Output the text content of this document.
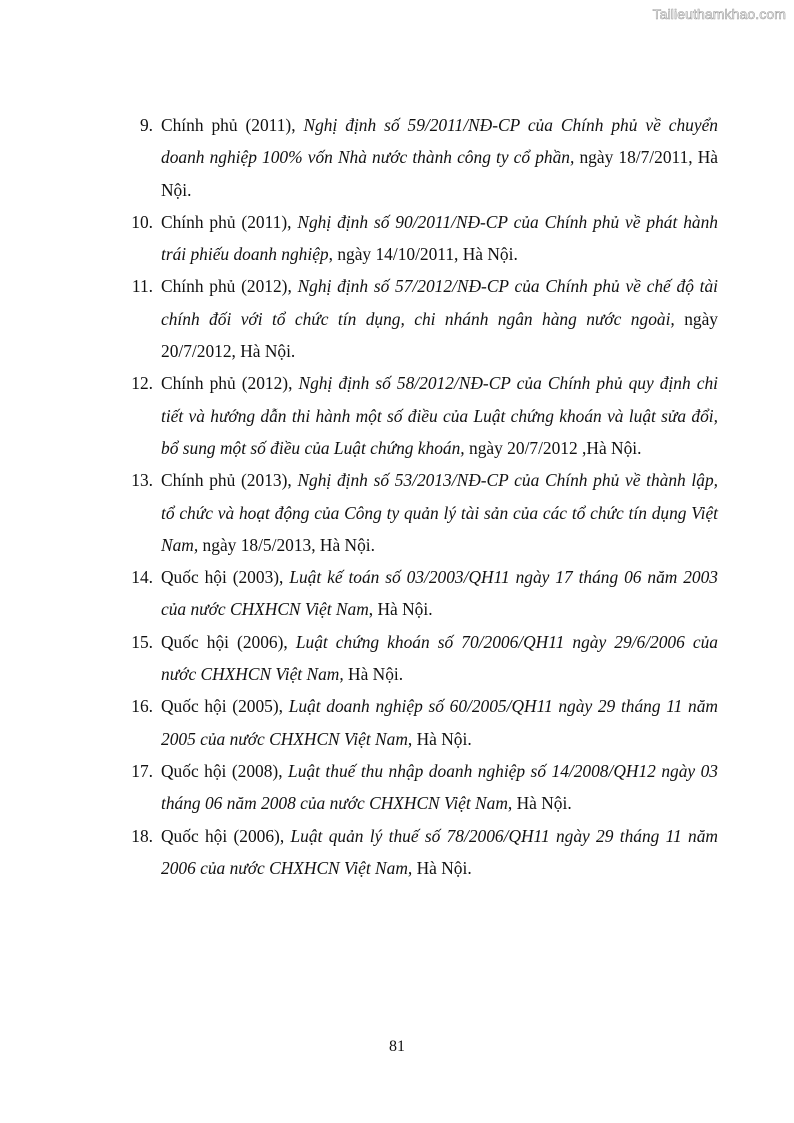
Tailieuthamkhao.com
9. Chính phủ (2011), Nghị định số 59/2011/NĐ-CP của Chính phủ về chuyển doanh nghiệp 100% vốn Nhà nước thành công ty cổ phần, ngày 18/7/2011, Hà Nội.
10. Chính phủ (2011), Nghị định số 90/2011/NĐ-CP của Chính phủ về phát hành trái phiếu doanh nghiệp, ngày 14/10/2011, Hà Nội.
11. Chính phủ (2012), Nghị định số 57/2012/NĐ-CP của Chính phủ về chế độ tài chính đối với tổ chức tín dụng, chi nhánh ngân hàng nước ngoài, ngày 20/7/2012, Hà Nội.
12. Chính phủ (2012), Nghị định số 58/2012/NĐ-CP của Chính phủ quy định chi tiết và hướng dẫn thi hành một số điều của Luật chứng khoán và luật sửa đổi, bổ sung một số điều của Luật chứng khoán, ngày 20/7/2012 ,Hà Nội.
13. Chính phủ (2013), Nghị định số 53/2013/NĐ-CP của Chính phủ về thành lập, tổ chức và hoạt động của Công ty quản lý tài sản của các tổ chức tín dụng Việt Nam, ngày 18/5/2013, Hà Nội.
14. Quốc hội (2003), Luật kế toán số 03/2003/QH11 ngày 17 tháng 06 năm 2003 của nước CHXHCN Việt Nam, Hà Nội.
15. Quốc hội (2006), Luật chứng khoán số 70/2006/QH11 ngày 29/6/2006 của nước CHXHCN Việt Nam, Hà Nội.
16. Quốc hội (2005), Luật doanh nghiệp số 60/2005/QH11 ngày 29 tháng 11 năm 2005 của nước CHXHCN Việt Nam, Hà Nội.
17. Quốc hội (2008), Luật thuế thu nhập doanh nghiệp số 14/2008/QH12 ngày 03 tháng 06 năm 2008 của nước CHXHCN Việt Nam, Hà Nội.
18. Quốc hội (2006), Luật quản lý thuế số 78/2006/QH11 ngày 29 tháng 11 năm 2006 của nước CHXHCN Việt Nam, Hà Nội.
81
